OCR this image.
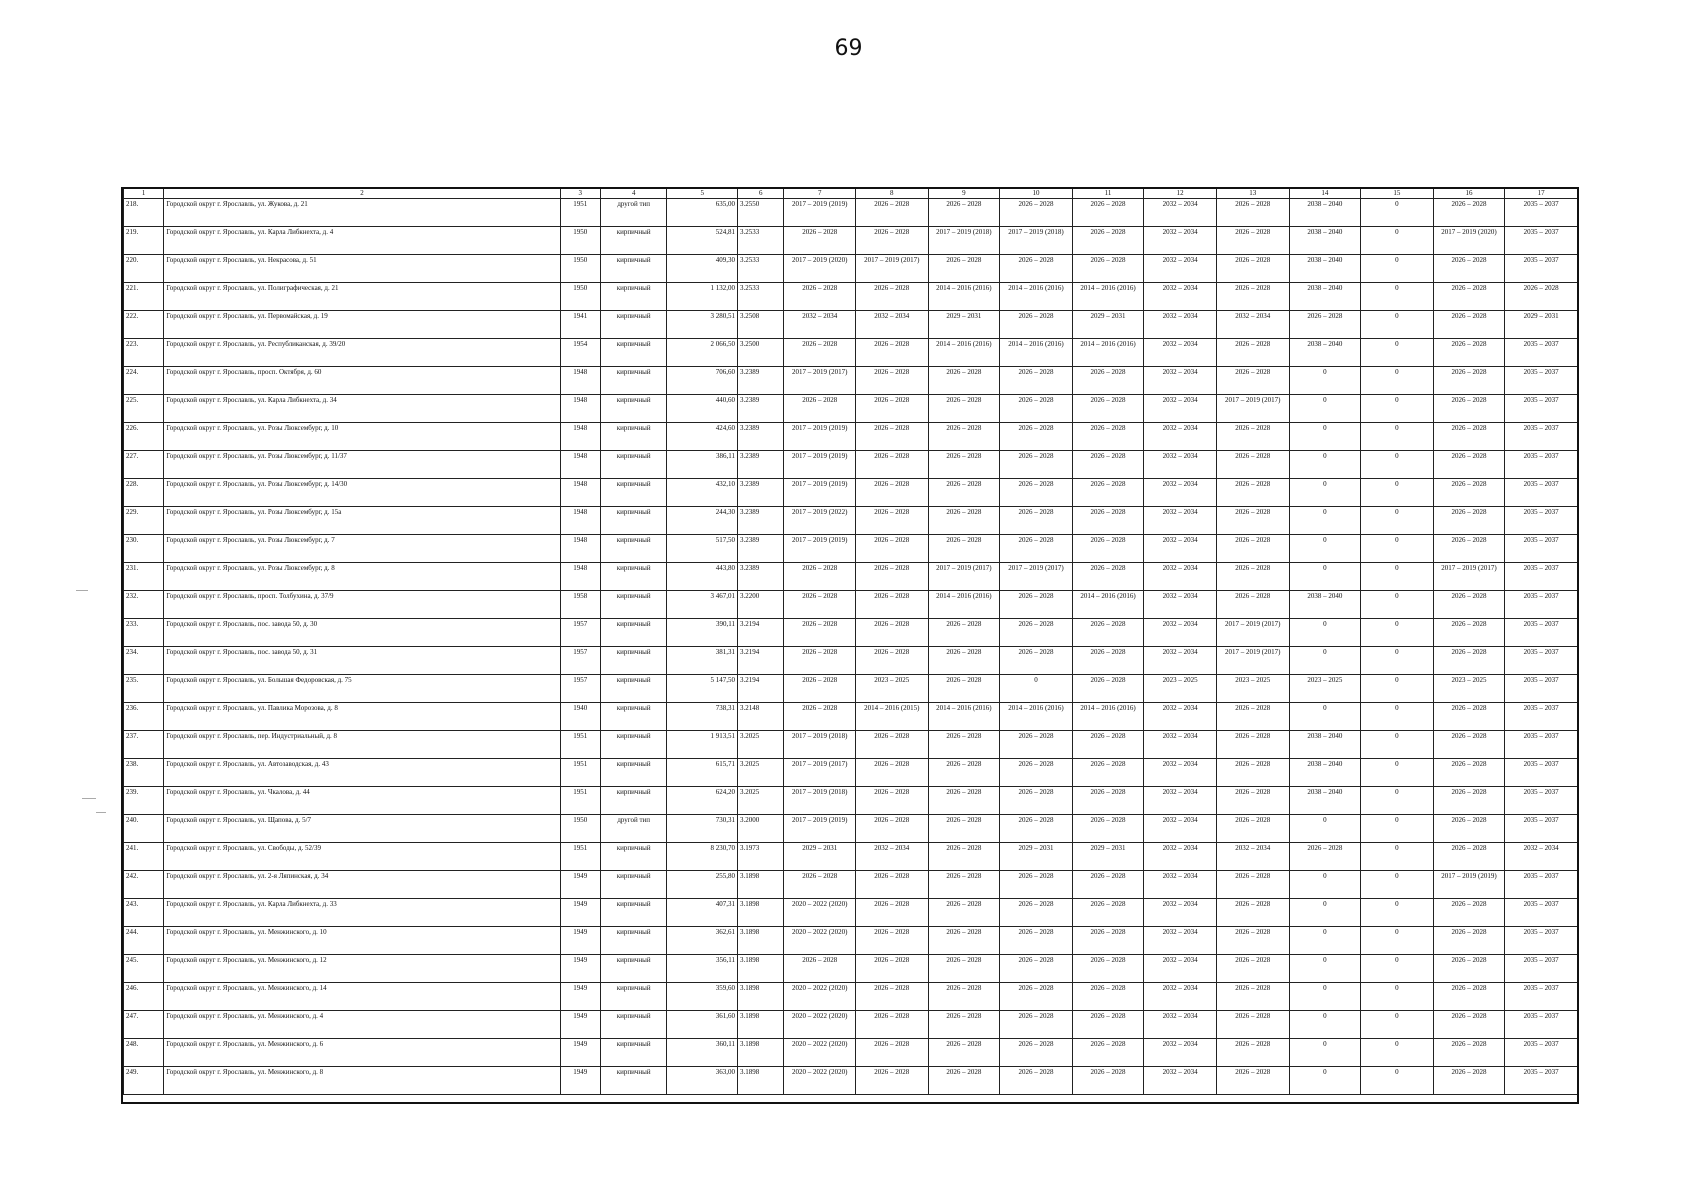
69
1	2	3	4	5	6	7	8	9	10	11	12	13	14	15	16	17
218.	Городской округ г. Ярославль, ул. Жукова, д. 21	1951	другой тип	635,00	3.2550	2017 – 2019 (2019)	2026 – 2028	2026 – 2028	2026 – 2028	2026 – 2028	2032 – 2034	2026 – 2028	2038 – 2040	0	2026 – 2028	2035 – 2037
219.	Городской округ г. Ярославль, ул. Карла Либкнехта, д. 4	1950	кирпичный	524,81	3.2533	2026 – 2028	2026 – 2028	2017 – 2019 (2018)	2017 – 2019 (2018)	2026 – 2028	2032 – 2034	2026 – 2028	2038 – 2040	0	2017 – 2019 (2020)	2035 – 2037
220.	Городской округ г. Ярославль, ул. Некрасова, д. 51	1950	кирпичный	409,30	3.2533	2017 – 2019 (2020)	2017 – 2019 (2017)	2026 – 2028	2026 – 2028	2026 – 2028	2032 – 2034	2026 – 2028	2038 – 2040	0	2026 – 2028	2035 – 2037
221.	Городской округ г. Ярославль, ул. Полиграфическая, д. 21	1950	кирпичный	1 132,00	3.2533	2026 – 2028	2026 – 2028	2014 – 2016 (2016)	2014 – 2016 (2016)	2014 – 2016 (2016)	2032 – 2034	2026 – 2028	2038 – 2040	0	2026 – 2028	2026 – 2028
222.	Городской округ г. Ярославль, ул. Первомайская, д. 19	1941	кирпичный	3 280,51	3.2508	2032 – 2034	2032 – 2034	2029 – 2031	2026 – 2028	2029 – 2031	2032 – 2034	2032 – 2034	2026 – 2028	0	2026 – 2028	2029 – 2031
223.	Городской округ г. Ярославль, ул. Республиканская, д. 39/20	1954	кирпичный	2 066,50	3.2500	2026 – 2028	2026 – 2028	2014 – 2016 (2016)	2014 – 2016 (2016)	2014 – 2016 (2016)	2032 – 2034	2026 – 2028	2038 – 2040	0	2026 – 2028	2035 – 2037
224.	Городской округ г. Ярославль, просп. Октября, д. 60	1948	кирпичный	706,60	3.2389	2017 – 2019 (2017)	2026 – 2028	2026 – 2028	2026 – 2028	2026 – 2028	2032 – 2034	2026 – 2028	0	0	2026 – 2028	2035 – 2037
225.	Городской округ г. Ярославль, ул. Карла Либкнехта, д. 34	1948	кирпичный	440,60	3.2389	2026 – 2028	2026 – 2028	2026 – 2028	2026 – 2028	2026 – 2028	2032 – 2034	2017 – 2019 (2017)	0	0	2026 – 2028	2035 – 2037
226.	Городской округ г. Ярославль, ул. Розы Люксембург, д. 10	1948	кирпичный	424,60	3.2389	2017 – 2019 (2019)	2026 – 2028	2026 – 2028	2026 – 2028	2026 – 2028	2032 – 2034	2026 – 2028	0	0	2026 – 2028	2035 – 2037
227.	Городской округ г. Ярославль, ул. Розы Люксембург, д. 11/37	1948	кирпичный	386,11	3.2389	2017 – 2019 (2019)	2026 – 2028	2026 – 2028	2026 – 2028	2026 – 2028	2032 – 2034	2026 – 2028	0	0	2026 – 2028	2035 – 2037
228.	Городской округ г. Ярославль, ул. Розы Люксембург, д. 14/30	1948	кирпичный	432,10	3.2389	2017 – 2019 (2019)	2026 – 2028	2026 – 2028	2026 – 2028	2026 – 2028	2032 – 2034	2026 – 2028	0	0	2026 – 2028	2035 – 2037
229.	Городской округ г. Ярославль, ул. Розы Люксембург, д. 15а	1948	кирпичный	244,30	3.2389	2017 – 2019 (2022)	2026 – 2028	2026 – 2028	2026 – 2028	2026 – 2028	2032 – 2034	2026 – 2028	0	0	2026 – 2028	2035 – 2037
230.	Городской округ г. Ярославль, ул. Розы Люксембург, д. 7	1948	кирпичный	517,50	3.2389	2017 – 2019 (2019)	2026 – 2028	2026 – 2028	2026 – 2028	2026 – 2028	2032 – 2034	2026 – 2028	0	0	2026 – 2028	2035 – 2037
231.	Городской округ г. Ярославль, ул. Розы Люксембург, д. 8	1948	кирпичный	443,80	3.2389	2026 – 2028	2026 – 2028	2017 – 2019 (2017)	2017 – 2019 (2017)	2026 – 2028	2032 – 2034	2026 – 2028	0	0	2017 – 2019 (2017)	2035 – 2037
232.	Городской округ г. Ярославль, просп. Толбухина, д. 37/9	1958	кирпичный	3 467,01	3.2200	2026 – 2028	2026 – 2028	2014 – 2016 (2016)	2026 – 2028	2014 – 2016 (2016)	2032 – 2034	2026 – 2028	2038 – 2040	0	2026 – 2028	2035 – 2037
233.	Городской округ г. Ярославль, пос. завода 50, д. 30	1957	кирпичный	390,11	3.2194	2026 – 2028	2026 – 2028	2026 – 2028	2026 – 2028	2026 – 2028	2032 – 2034	2017 – 2019 (2017)	0	0	2026 – 2028	2035 – 2037
234.	Городской округ г. Ярославль, пос. завода 50, д. 31	1957	кирпичный	381,31	3.2194	2026 – 2028	2026 – 2028	2026 – 2028	2026 – 2028	2026 – 2028	2032 – 2034	2017 – 2019 (2017)	0	0	2026 – 2028	2035 – 2037
235.	Городской округ г. Ярославль, ул. Большая Федоровская, д. 75	1957	кирпичный	5 147,50	3.2194	2026 – 2028	2023 – 2025	2026 – 2028	0	2026 – 2028	2023 – 2025	2023 – 2025	2023 – 2025	0	2023 – 2025	2035 – 2037
236.	Городской округ г. Ярославль, ул. Павлика Морозова, д. 8	1940	кирпичный	738,31	3.2148	2026 – 2028	2014 – 2016 (2015)	2014 – 2016 (2016)	2014 – 2016 (2016)	2014 – 2016 (2016)	2032 – 2034	2026 – 2028	0	0	2026 – 2028	2035 – 2037
237.	Городской округ г. Ярославль, пер. Индустриальный, д. 8	1951	кирпичный	1 913,51	3.2025	2017 – 2019 (2018)	2026 – 2028	2026 – 2028	2026 – 2028	2026 – 2028	2032 – 2034	2026 – 2028	2038 – 2040	0	2026 – 2028	2035 – 2037
238.	Городской округ г. Ярославль, ул. Автозаводская, д. 43	1951	кирпичный	615,71	3.2025	2017 – 2019 (2017)	2026 – 2028	2026 – 2028	2026 – 2028	2026 – 2028	2032 – 2034	2026 – 2028	2038 – 2040	0	2026 – 2028	2035 – 2037
239.	Городской округ г. Ярославль, ул. Чкалова, д. 44	1951	кирпичный	624,20	3.2025	2017 – 2019 (2018)	2026 – 2028	2026 – 2028	2026 – 2028	2026 – 2028	2032 – 2034	2026 – 2028	2038 – 2040	0	2026 – 2028	2035 – 2037
240.	Городской округ г. Ярославль, ул. Щапова, д. 5/7	1950	другой тип	730,31	3.2000	2017 – 2019 (2019)	2026 – 2028	2026 – 2028	2026 – 2028	2026 – 2028	2032 – 2034	2026 – 2028	0	0	2026 – 2028	2035 – 2037
241.	Городской округ г. Ярославль, ул. Свободы, д. 52/39	1951	кирпичный	8 230,70	3.1973	2029 – 2031	2032 – 2034	2026 – 2028	2029 – 2031	2029 – 2031	2032 – 2034	2032 – 2034	2026 – 2028	0	2026 – 2028	2032 – 2034
242.	Городской округ г. Ярославль, ул. 2-я Ляпинская, д. 34	1949	кирпичный	255,80	3.1898	2026 – 2028	2026 – 2028	2026 – 2028	2026 – 2028	2026 – 2028	2032 – 2034	2026 – 2028	0	0	2017 – 2019 (2019)	2035 – 2037
243.	Городской округ г. Ярославль, ул. Карла Либкнехта, д. 33	1949	кирпичный	407,31	3.1898	2020 – 2022 (2020)	2026 – 2028	2026 – 2028	2026 – 2028	2026 – 2028	2032 – 2034	2026 – 2028	0	0	2026 – 2028	2035 – 2037
244.	Городской округ г. Ярославль, ул. Менжинского, д. 10	1949	кирпичный	362,61	3.1898	2020 – 2022 (2020)	2026 – 2028	2026 – 2028	2026 – 2028	2026 – 2028	2032 – 2034	2026 – 2028	0	0	2026 – 2028	2035 – 2037
245.	Городской округ г. Ярославль, ул. Менжинского, д. 12	1949	кирпичный	356,11	3.1898	2026 – 2028	2026 – 2028	2026 – 2028	2026 – 2028	2026 – 2028	2032 – 2034	2026 – 2028	0	0	2026 – 2028	2035 – 2037
246.	Городской округ г. Ярославль, ул. Менжинского, д. 14	1949	кирпичный	359,60	3.1898	2020 – 2022 (2020)	2026 – 2028	2026 – 2028	2026 – 2028	2026 – 2028	2032 – 2034	2026 – 2028	0	0	2026 – 2028	2035 – 2037
247.	Городской округ г. Ярославль, ул. Менжинского, д. 4	1949	кирпичный	361,60	3.1898	2020 – 2022 (2020)	2026 – 2028	2026 – 2028	2026 – 2028	2026 – 2028	2032 – 2034	2026 – 2028	0	0	2026 – 2028	2035 – 2037
248.	Городской округ г. Ярославль, ул. Менжинского, д. 6	1949	кирпичный	360,11	3.1898	2020 – 2022 (2020)	2026 – 2028	2026 – 2028	2026 – 2028	2026 – 2028	2032 – 2034	2026 – 2028	0	0	2026 – 2028	2035 – 2037
249.	Городской округ г. Ярославль, ул. Менжинского, д. 8	1949	кирпичный	363,00	3.1898	2020 – 2022 (2020)	2026 – 2028	2026 – 2028	2026 – 2028	2026 – 2028	2032 – 2034	2026 – 2028	0	0	2026 – 2028	2035 – 2037
